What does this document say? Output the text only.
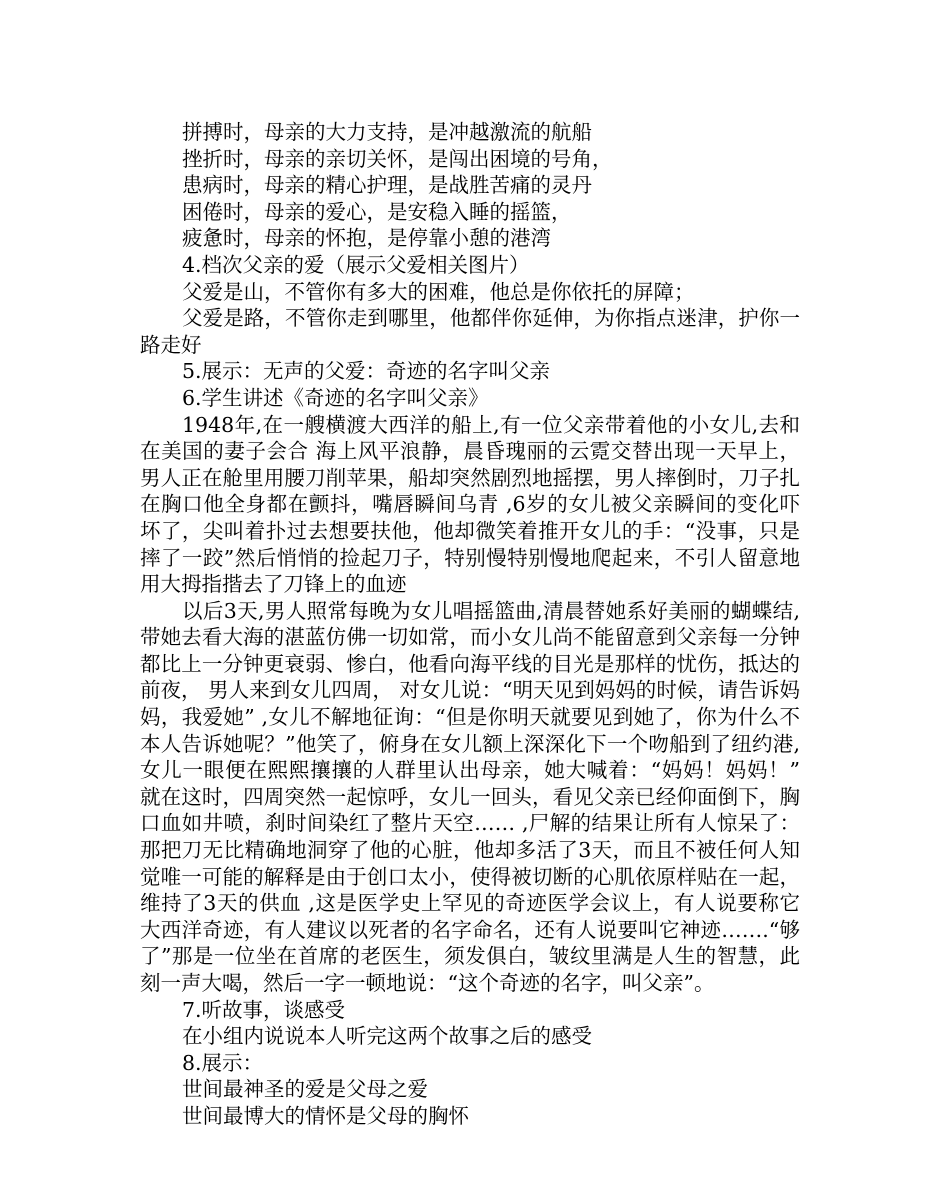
拼搏时，母亲的大力支持，是冲越激流的航船

挫折时，母亲的亲切关怀，是闯出困境的号角，

患病时，母亲的精心护理，是战胜苦痛的灵丹

困倦时，母亲的爱心，是安稳入睡的摇篮，

疲惫时，母亲的怀抱，是停靠小憩的港湾

4.档次父亲的爱（展示父爱相关图片）

父爱是山，不管你有多大的困难，他总是你依托的屏障；

父爱是路，不管你走到哪里，他都伴你延伸，为你指点迷津，护你一路走好

5.展示：无声的父爱：奇迹的名字叫父亲

6.学生讲述《奇迹的名字叫父亲》

1948年,在一艘横渡大西洋的船上,有一位父亲带着他的小女儿,去和在美国的妻子会合 海上风平浪静，晨昏瑰丽的云霓交替出现一天早上，男人正在舱里用腰刀削苹果，船却突然剧烈地摇摆，男人摔倒时，刀子扎在胸口他全身都在颤抖，嘴唇瞬间乌青 ,6岁的女儿被父亲瞬间的变化吓坏了，尖叫着扑过去想要扶他，他却微笑着推开女儿的手：“没事，只是摔了一跤”然后悄悄的捡起刀子，特别慢特别慢地爬起来，不引人留意地用大拇指揩去了刀锋上的血迹

以后3天,男人照常每晚为女儿唱摇篮曲,清晨替她系好美丽的蝴蝶结,带她去看大海的湛蓝仿佛一切如常，而小女儿尚不能留意到父亲每一分钟都比上一分钟更衰弱、惨白，他看向海平线的目光是那样的忧伤，抵达的前夜， 男人来到女儿四周， 对女儿说：“明天见到妈妈的时候，请告诉妈妈，我爱她” ,女儿不解地征询：“但是你明天就要见到她了，你为什么不本人告诉她呢？”他笑了，俯身在女儿额上深深化下一个吻船到了纽约港,女儿一眼便在熙熙攘攘的人群里认出母亲，她大喊着：“妈妈！妈妈！” 就在这时，四周突然一起惊呼，女儿一回头，看见父亲已经仰面倒下，胸口血如井喷，刹时间染红了整片天空…… ,尸解的结果让所有人惊呆了：那把刀无比精确地洞穿了他的心脏，他却多活了3天，而且不被任何人知觉唯一可能的解释是由于创口太小，使得被切断的心肌依原样贴在一起，维持了3天的供血 ,这是医学史上罕见的奇迹医学会议上，有人说要称它大西洋奇迹，有人建议以死者的名字命名，还有人说要叫它神迹…….“够了”那是一位坐在首席的老医生，须发俱白，皱纹里满是人生的智慧，此刻一声大喝，然后一字一顿地说：“这个奇迹的名字，叫父亲”。

7.听故事，谈感受

在小组内说说本人听完这两个故事之后的感受

8.展示：

世间最神圣的爱是父母之爱

世间最博大的情怀是父母的胸怀
